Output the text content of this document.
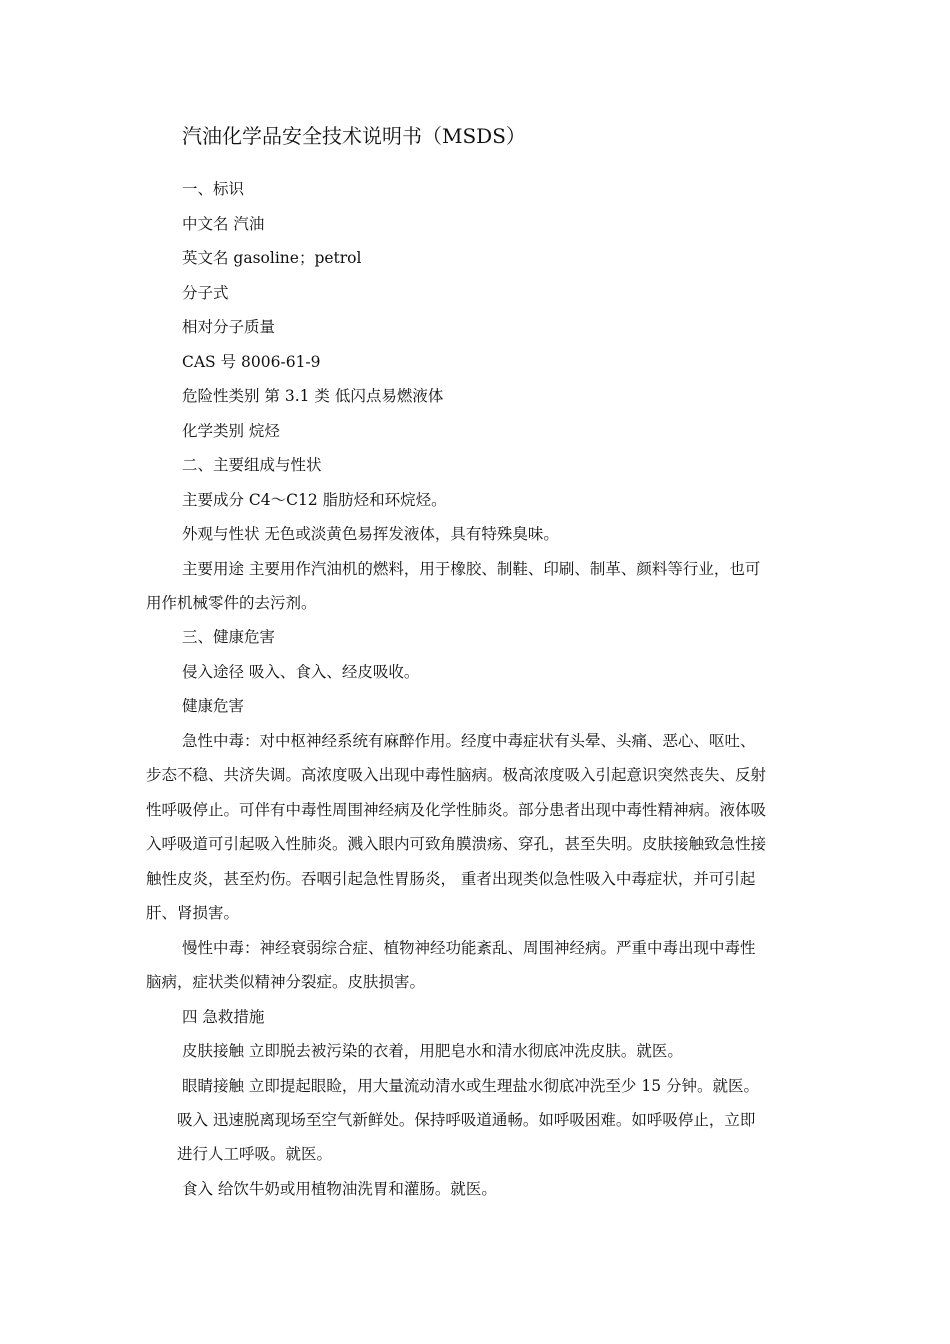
汽油化学品安全技术说明书（MSDS）
一、标识
中文名 汽油
英文名 gasoline；petrol
分子式
相对分子质量
CAS 号 8006-61-9
危险性类别 第 3.1 类 低闪点易燃液体
化学类别 烷烃
二、主要组成与性状
主要成分 C4～C12 脂肪烃和环烷烃。
外观与性状 无色或淡黄色易挥发液体，具有特殊臭味。
主要用途 主要用作汽油机的燃料，用于橡胶、制鞋、印刷、制革、颜料等行业，也可
用作机械零件的去污剂。
三、健康危害
侵入途径 吸入、食入、经皮吸收。
健康危害
急性中毒：对中枢神经系统有麻醉作用。经度中毒症状有头晕、头痛、恶心、呕吐、
步态不稳、共济失调。高浓度吸入出现中毒性脑病。极高浓度吸入引起意识突然丧失、反射
性呼吸停止。可伴有中毒性周围神经病及化学性肺炎。部分患者出现中毒性精神病。液体吸
入呼吸道可引起吸入性肺炎。溅入眼内可致角膜溃疡、穿孔，甚至失明。皮肤接触致急性接
触性皮炎，甚至灼伤。吞咽引起急性胃肠炎， 重者出现类似急性吸入中毒症状，并可引起
肝、肾损害。
慢性中毒：神经衰弱综合症、植物神经功能紊乱、周围神经病。严重中毒出现中毒性
脑病，症状类似精神分裂症。皮肤损害。
四 急救措施
皮肤接触 立即脱去被污染的衣着，用肥皂水和清水彻底冲洗皮肤。就医。
眼睛接触 立即提起眼睑，用大量流动清水或生理盐水彻底冲洗至少 15 分钟。就医。
吸入 迅速脱离现场至空气新鲜处。保持呼吸道通畅。如呼吸困难。如呼吸停止，立即
进行人工呼吸。就医。
食入 给饮牛奶或用植物油洗胃和灌肠。就医。
